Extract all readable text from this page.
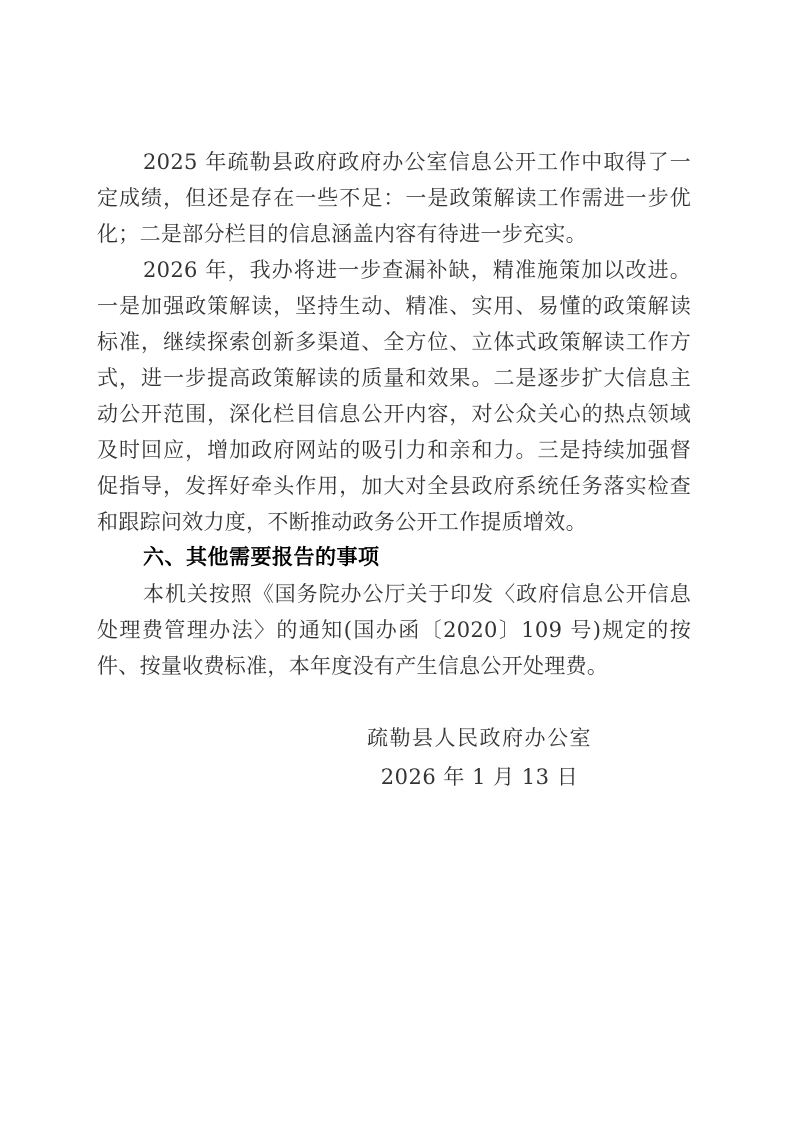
2025 年疏勒县政府政府办公室信息公开工作中取得了一定成绩，但还是存在一些不足：一是政策解读工作需进一步优化；二是部分栏目的信息涵盖内容有待进一步充实。

2026 年，我办将进一步查漏补缺，精准施策加以改进。一是加强政策解读，坚持生动、精准、实用、易懂的政策解读标准，继续探索创新多渠道、全方位、立体式政策解读工作方式，进一步提高政策解读的质量和效果。二是逐步扩大信息主动公开范围，深化栏目信息公开内容，对公众关心的热点领域及时回应，增加政府网站的吸引力和亲和力。三是持续加强督促指导，发挥好牵头作用，加大对全县政府系统任务落实检查和跟踪问效力度，不断推动政务公开工作提质增效。

六、其他需要报告的事项

本机关按照《国务院办公厅关于印发〈政府信息公开信息处理费管理办法〉的通知(国办函〔2020〕109 号)规定的按件、按量收费标准，本年度没有产生信息公开处理费。

疏勒县人民政府办公室
2026 年 1 月 13 日
